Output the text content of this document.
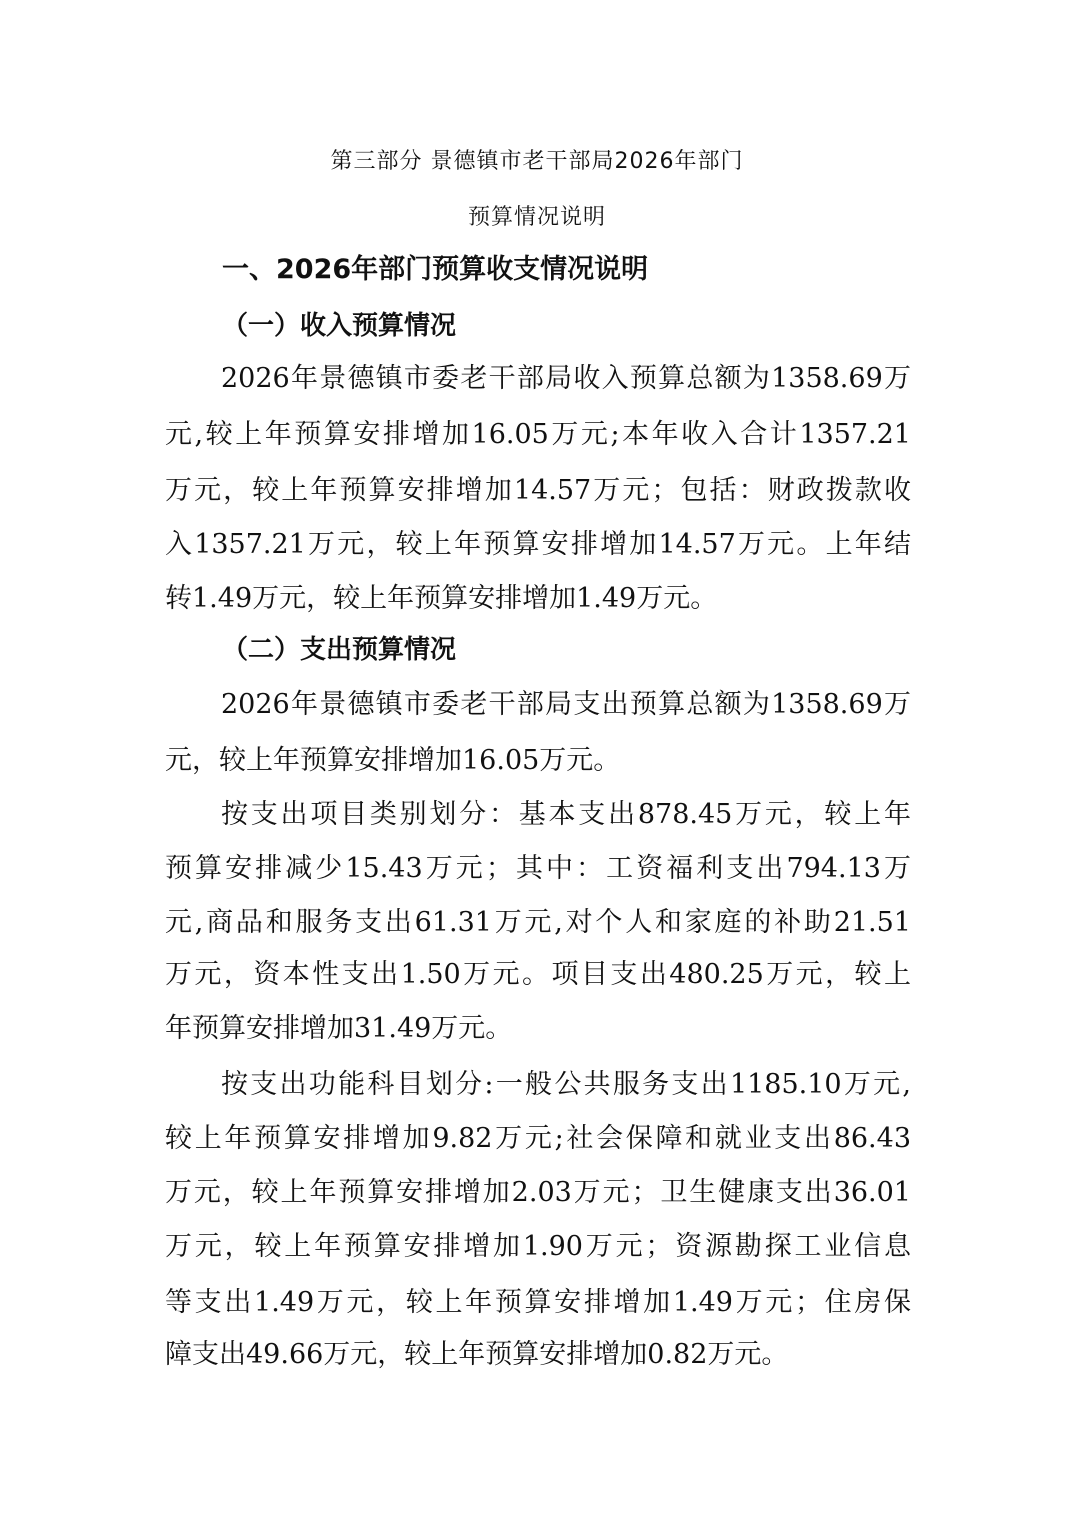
第三部分 景德镇市老干部局2026年部门
预算情况说明
一、2026年部门预算收支情况说明
（一）收入预算情况
2026年景德镇市委老干部局收入预算总额为1358.69万
元,较上年预算安排增加16.05万元;本年收入合计1357.21
万元，较上年预算安排增加14.57万元；包括：财政拨款收
入1357.21万元，较上年预算安排增加14.57万元。上年结
转1.49万元，较上年预算安排增加1.49万元。
（二）支出预算情况
2026年景德镇市委老干部局支出预算总额为1358.69万
元，较上年预算安排增加16.05万元。
按支出项目类别划分：基本支出878.45万元，较上年
预算安排减少15.43万元；其中：工资福利支出794.13万
元,商品和服务支出61.31万元,对个人和家庭的补助21.51
万元，资本性支出1.50万元。项目支出480.25万元，较上
年预算安排增加31.49万元。
按支出功能科目划分:一般公共服务支出1185.10万元,
较上年预算安排增加9.82万元;社会保障和就业支出86.43
万元，较上年预算安排增加2.03万元；卫生健康支出36.01
万元，较上年预算安排增加1.90万元；资源勘探工业信息
等支出1.49万元，较上年预算安排增加1.49万元；住房保
障支出49.66万元，较上年预算安排增加0.82万元。
